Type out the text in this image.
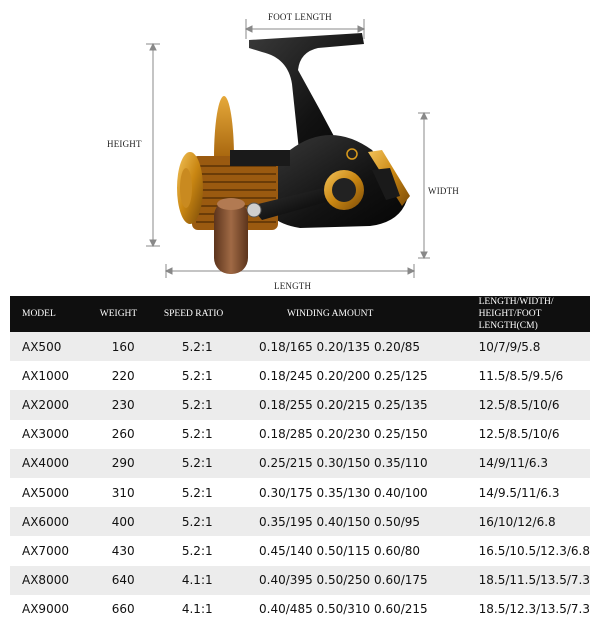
FOOT LENGTH
HEIGHT
WIDTH
LENGTH
MODEL	WEIGHT	SPEED RATIO	WINDING AMOUNT	LENGTH/WIDTH/
HEIGHT/FOOT LENGTH(CM)

AX500	160	5.2:1	0.18/165 0.20/135 0.20/85	10/7/9/5.8
AX1000	220	5.2:1	0.18/245 0.20/200 0.25/125	11.5/8.5/9.5/6
AX2000	230	5.2:1	0.18/255 0.20/215 0.25/135	12.5/8.5/10/6
AX3000	260	5.2:1	0.18/285 0.20/230 0.25/150	12.5/8.5/10/6
AX4000	290	5.2:1	0.25/215 0.30/150 0.35/110	14/9/11/6.3
AX5000	310	5.2:1	0.30/175 0.35/130 0.40/100	14/9.5/11/6.3
AX6000	400	5.2:1	0.35/195 0.40/150 0.50/95	16/10/12/6.8
AX7000	430	5.2:1	0.45/140 0.50/115 0.60/80	16.5/10.5/12.3/6.8
AX8000	640	4.1:1	0.40/395 0.50/250 0.60/175	18.5/11.5/13.5/7.3
AX9000	660	4.1:1	0.40/485 0.50/310 0.60/215	18.5/12.3/13.5/7.3
